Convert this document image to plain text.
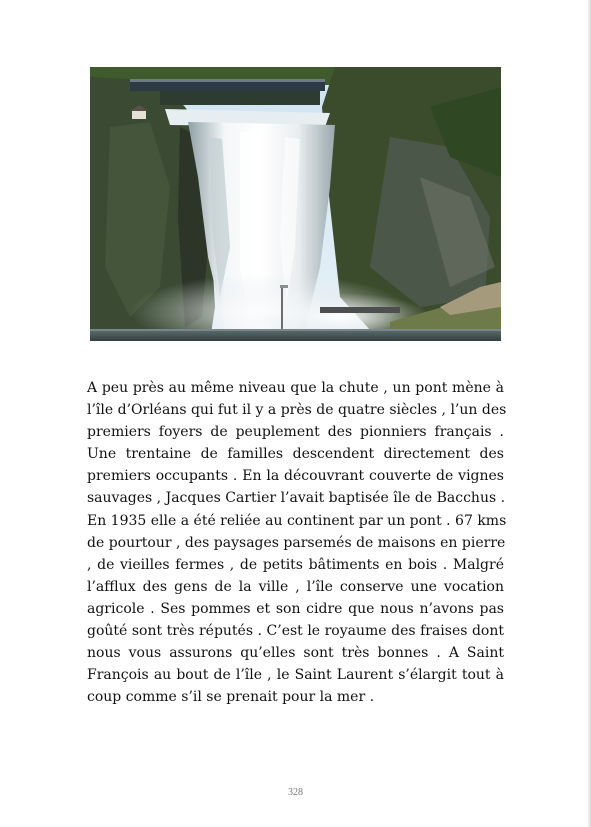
A peu près au même niveau que la chute , un pont mène à
l’île d’Orléans qui fut il y a près de quatre siècles , l’un des
premiers foyers de peuplement des pionniers français .
Une trentaine de familles descendent directement des
premiers occupants . En la découvrant couverte de vignes
sauvages , Jacques Cartier l’avait baptisée île de Bacchus .
En 1935 elle a été reliée au continent par un pont . 67 kms
de pourtour , des paysages parsemés de maisons en pierre
, de vieilles fermes , de petits bâtiments en bois . Malgré
l’afflux des gens de la ville , l’île conserve une vocation
agricole . Ses pommes et son cidre que nous n’avons pas
goûté sont très réputés . C’est le royaume des fraises dont
nous vous assurons qu’elles sont très bonnes . A Saint
François au bout de l’île , le Saint Laurent s’élargit tout à
coup comme s’il se prenait pour la mer .
328
